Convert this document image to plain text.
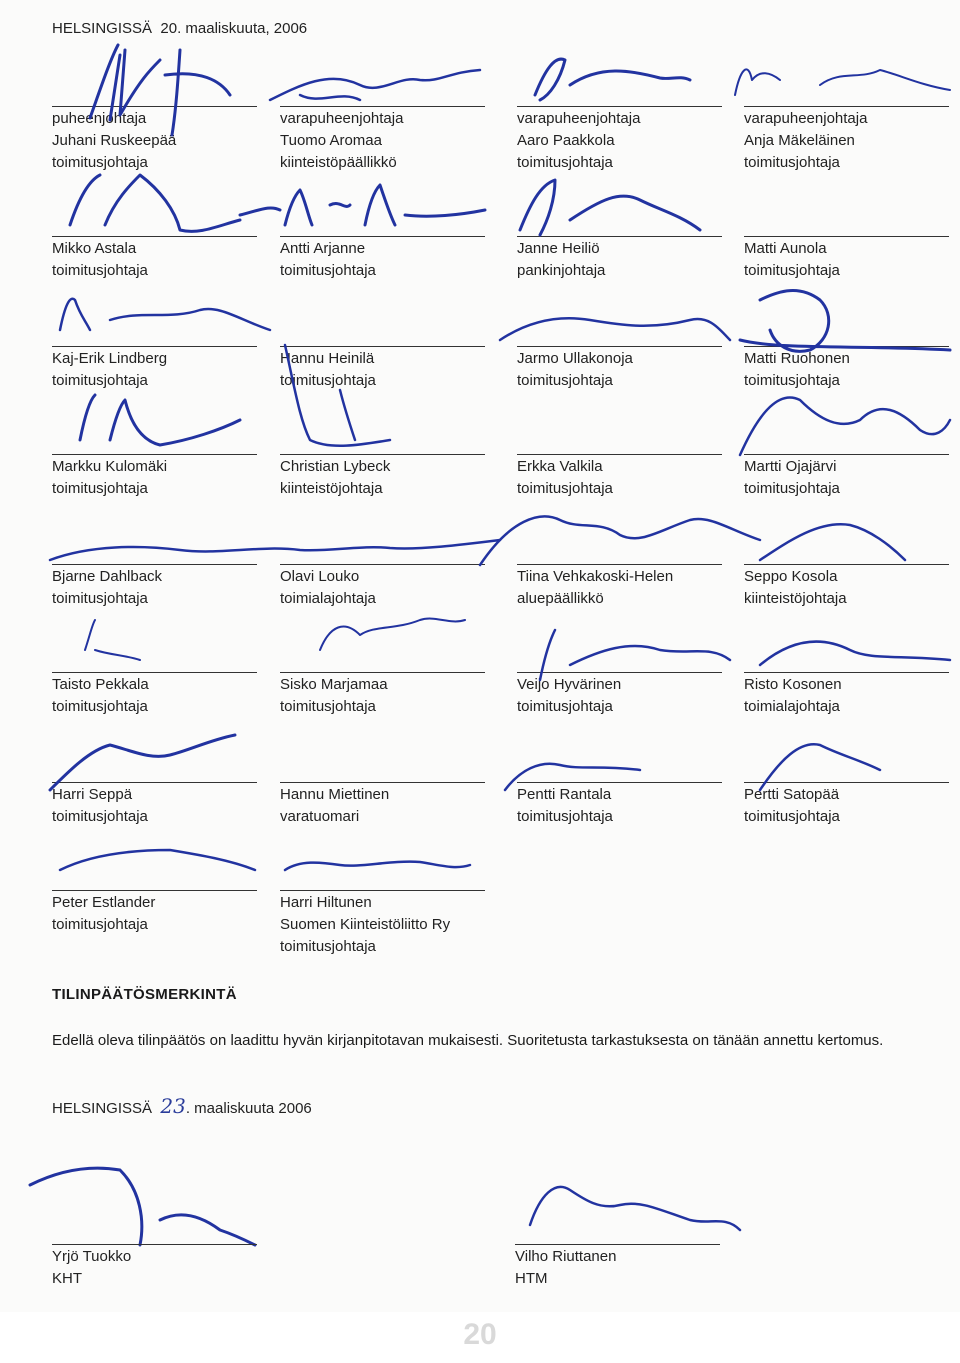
HELSINGISSÄ 20. maaliskuuta, 2006
puheenjohtaja
Juhani Ruskeepää
toimitusjohtaja
varapuheenjohtaja
Tuomo Aromaa
kiinteistöpäällikkö
varapuheenjohtaja
Aaro Paakkola
toimitusjohtaja
varapuheenjohtaja
Anja Mäkeläinen
toimitusjohtaja
Mikko Astala
toimitusjohtaja
Antti Arjanne
toimitusjohtaja
Janne Heiliö
pankinjohtaja
Matti Aunola
toimitusjohtaja
Kaj-Erik Lindberg
toimitusjohtaja
Hannu Heinilä
toimitusjohtaja
Jarmo Ullakonoja
toimitusjohtaja
Matti Ruohonen
toimitusjohtaja
Markku Kulomäki
toimitusjohtaja
Christian Lybeck
kiinteistöjohtaja
Erkka Valkila
toimitusjohtaja
Martti Ojajärvi
toimitusjohtaja
Bjarne Dahlback
toimitusjohtaja
Olavi Louko
toimialajohtaja
Tiina Vehkakoski-Helen
aluepäällikkö
Seppo Kosola
kiinteistöjohtaja
Taisto Pekkala
toimitusjohtaja
Sisko Marjamaa
toimitusjohtaja
Veijo Hyvärinen
toimitusjohtaja
Risto Kosonen
toimialajohtaja
Harri Seppä
toimitusjohtaja
Hannu Miettinen
varatuomari
Pentti Rantala
toimitusjohtaja
Pertti Satopää
toimitusjohtaja
Peter Estlander
toimitusjohtaja
Harri Hiltunen
Suomen Kiinteistöliitto Ry
toimitusjohtaja
TILINPÄÄTÖSMERKINTÄ
Edellä oleva tilinpäätös on laadittu hyvän kirjanpitotavan mukaisesti. Suoritetusta tarkastuksesta on tänään annettu kertomus.
HELSINGISSÄ 23. maaliskuuta 2006
Yrjö Tuokko
KHT
Vilho Riuttanen
HTM
20
